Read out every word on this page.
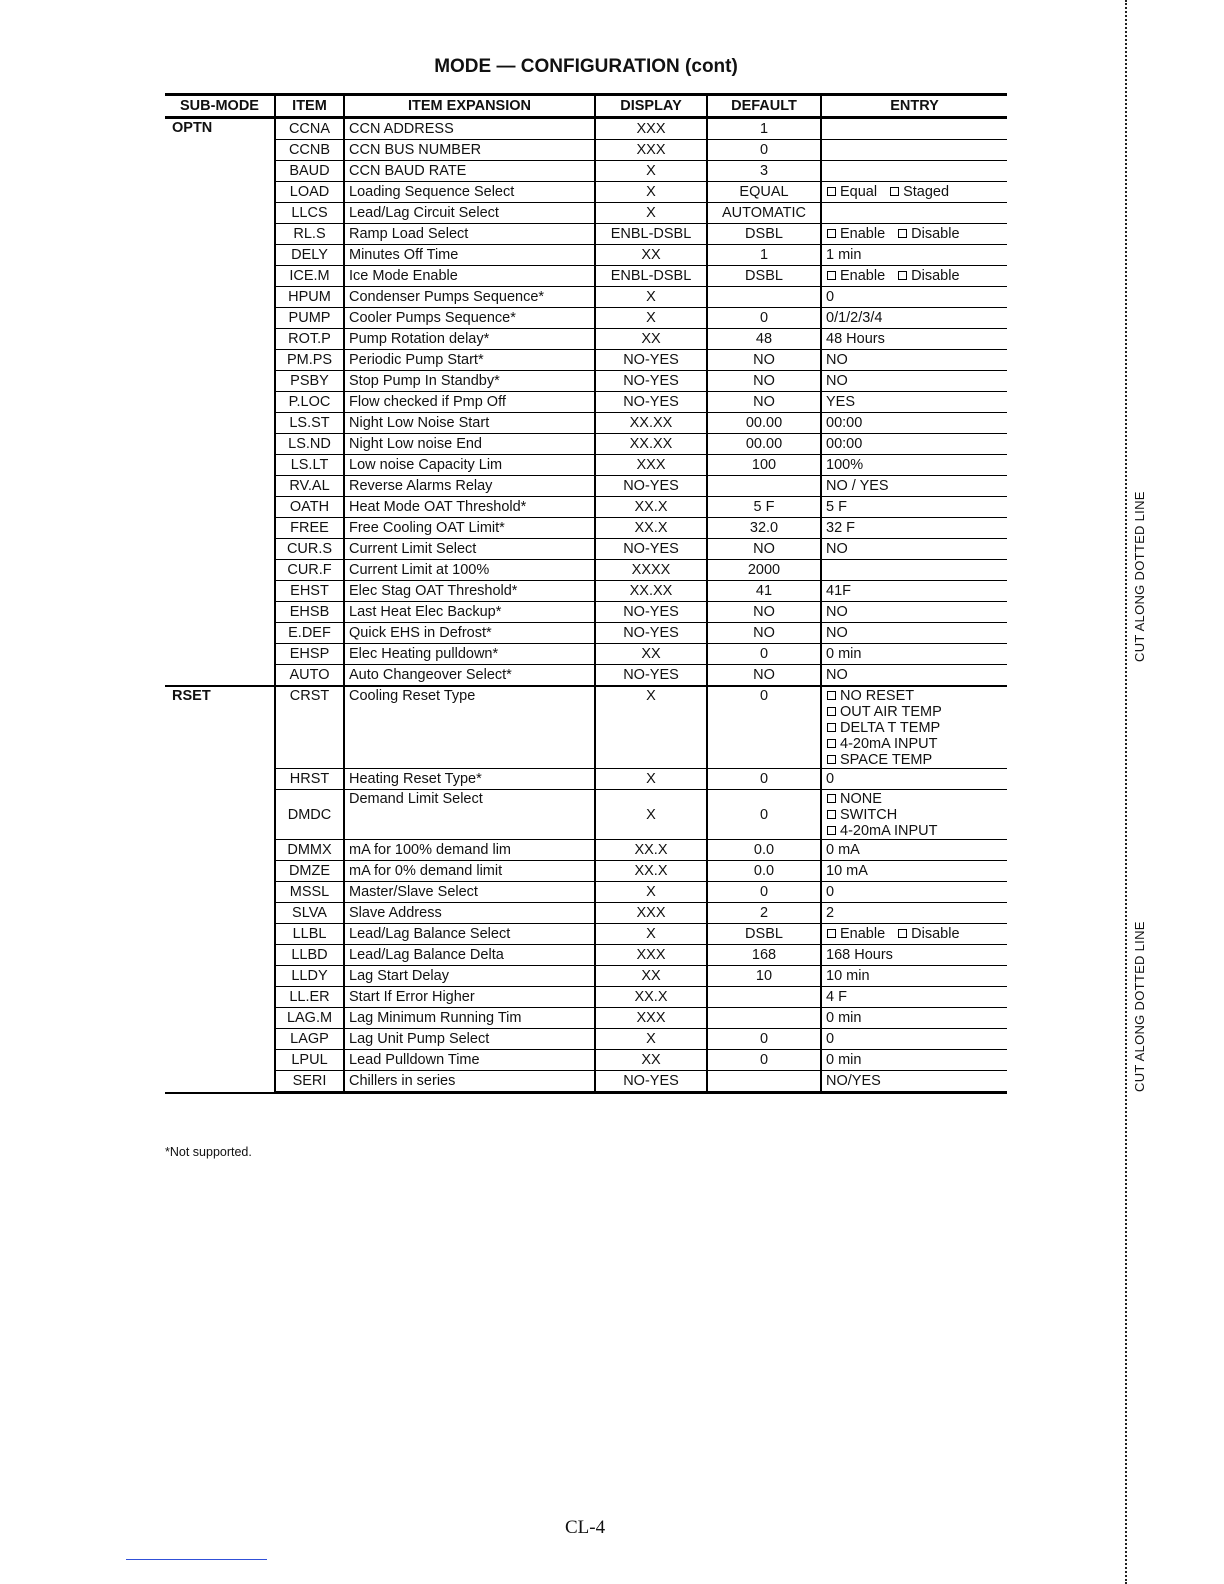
MODE — CONFIGURATION (cont)
SUB-MODE	ITEM	ITEM EXPANSION	DISPLAY	DEFAULT	ENTRY
OPTN	CCNA	CCN ADDRESS	XXX	1	
	CCNB	CCN BUS NUMBER	XXX	0	
	BAUD	CCN BAUD RATE	X	3	
	LOAD	Loading Sequence Select	X	EQUAL	Equal Staged

	LLCS	Lead/Lag Circuit Select	X	AUTOMATIC	
	RL.S	Ramp Load Select	ENBL-DSBL	DSBL	Enable Disable

	DELY	Minutes Off Time	XX	1	1 min

	ICE.M	Ice Mode Enable	ENBL-DSBL	DSBL	Enable Disable

	HPUM	Condenser Pumps Sequence*	X		0

	PUMP	Cooler Pumps Sequence*	X	0	0/1/2/3/4

	ROT.P	Pump Rotation delay*	XX	48	48 Hours

	PM.PS	Periodic Pump Start*	NO-YES	NO	NO

	PSBY	Stop Pump In Standby*	NO-YES	NO	NO

	P.LOC	Flow checked if Pmp Off	NO-YES	NO	YES

	LS.ST	Night Low Noise Start	XX.XX	00.00	00:00

	LS.ND	Night Low noise End	XX.XX	00.00	00:00

	LS.LT	Low noise Capacity Lim	XXX	100	100%

	RV.AL	Reverse Alarms Relay	NO-YES		NO / YES

	OATH	Heat Mode OAT Threshold*	XX.X	5 F	5 F

	FREE	Free Cooling OAT Limit*	XX.X	32.0	32 F

	CUR.S	Current Limit Select	NO-YES	NO	NO

	CUR.F	Current Limit at 100%	XXXX	2000	
	EHST	Elec Stag OAT Threshold*	XX.XX	41	41F

	EHSB	Last Heat Elec Backup*	NO-YES	NO	NO

	E.DEF	Quick EHS in Defrost*	NO-YES	NO	NO

	EHSP	Elec Heating pulldown*	XX	0	0 min

	AUTO	Auto Changeover Select*	NO-YES	NO	NO

RSET	CRST	Cooling Reset Type	X	0	NO RESET
OUT AIR TEMP
DELTA T TEMP
4-20mA INPUT
SPACE TEMP

	HRST	Heating Reset Type*	X	0	0

	DMDC	Demand Limit Select	X	0	NONE
SWITCH
4-20mA INPUT

	DMMX	mA for 100% demand lim	XX.X	0.0	0 mA

	DMZE	mA for 0% demand limit	XX.X	0.0	10 mA

	MSSL	Master/Slave Select	X	0	0

	SLVA	Slave Address	XXX	2	2

	LLBL	Lead/Lag Balance Select	X	DSBL	Enable Disable

	LLBD	Lead/Lag Balance Delta	XXX	168	168 Hours

	LLDY	Lag Start Delay	XX	10	10 min

	LL.ER	Start If Error Higher	XX.X		4 F

	LAG.M	Lag Minimum Running Tim	XXX		0 min

	LAGP	Lag Unit Pump Select	X	0	0

	LPUL	Lead Pulldown Time	XX	0	0 min

	SERI	Chillers in series	NO-YES		NO/YES
*Not supported.
CL-4
CUT ALONG DOTTED LINE
CUT ALONG DOTTED LINE
